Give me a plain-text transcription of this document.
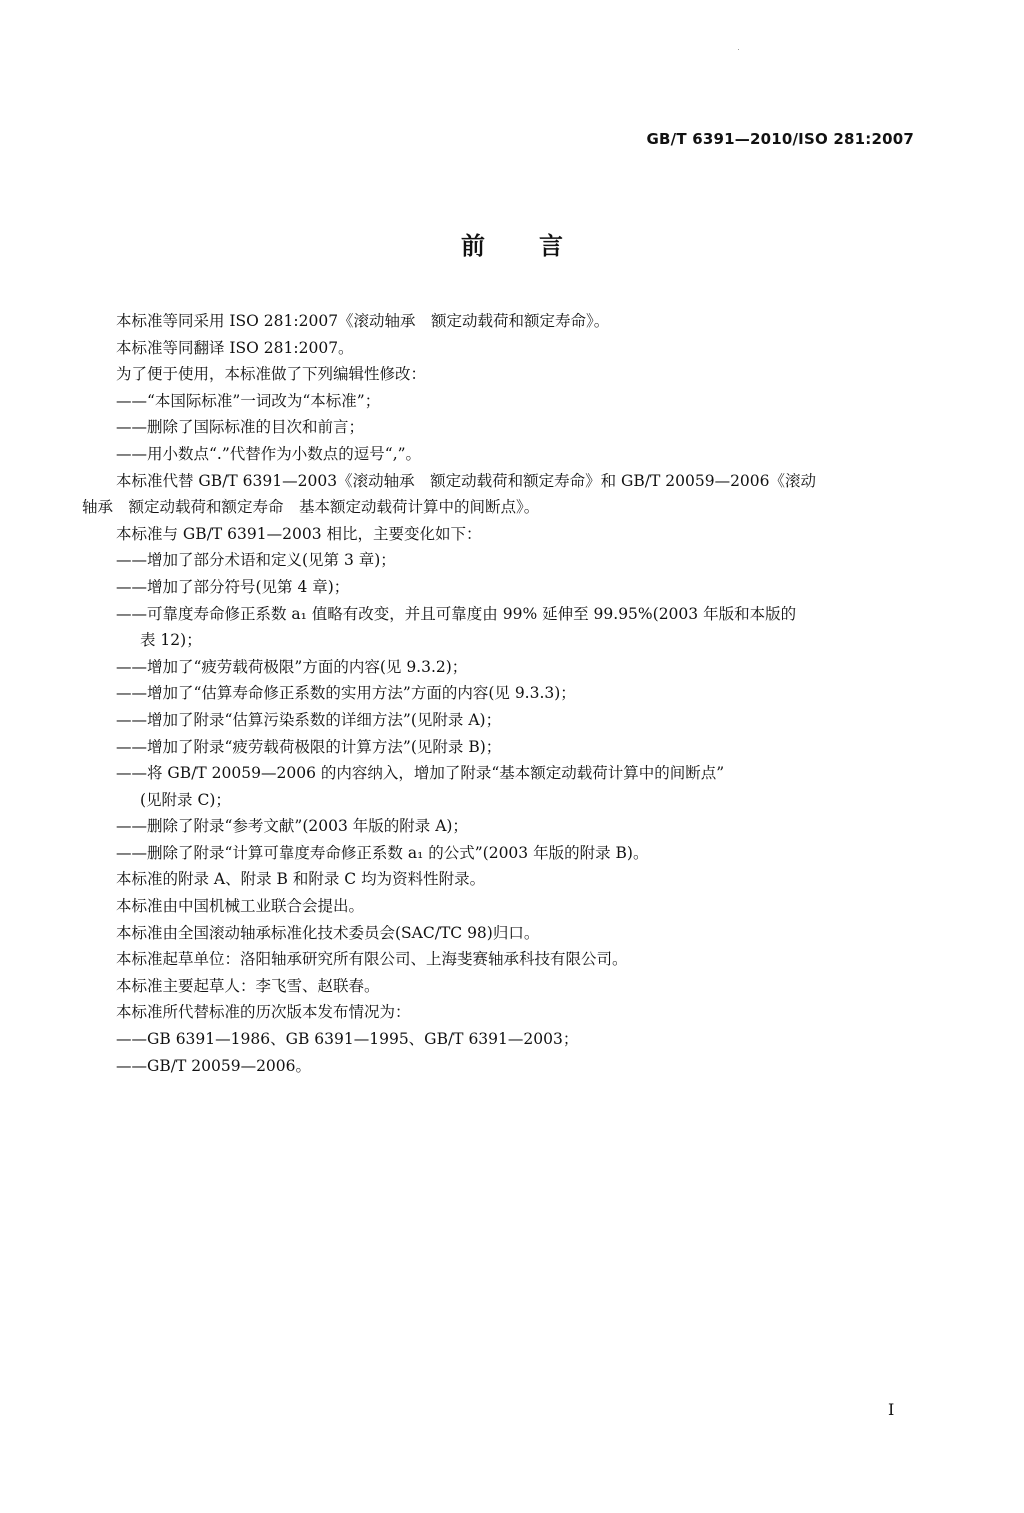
GB/T 6391—2010/ISO 281:2007
前言
本标准等同采用 ISO 281:2007《滚动轴承　额定动载荷和额定寿命》。
本标准等同翻译 ISO 281:2007。
为了便于使用，本标准做了下列编辑性修改：
——“本国际标准”一词改为“本标准”；
——删除了国际标准的目次和前言；
——用小数点“.”代替作为小数点的逗号“,”。
本标准代替 GB/T 6391—2003《滚动轴承　额定动载荷和额定寿命》和 GB/T 20059—2006《滚动
轴承　额定动载荷和额定寿命　基本额定动载荷计算中的间断点》。
本标准与 GB/T 6391—2003 相比，主要变化如下：
——增加了部分术语和定义(见第 3 章)；
——增加了部分符号(见第 4 章)；
——可靠度寿命修正系数 a₁ 值略有改变，并且可靠度由 99% 延伸至 99.95%(2003 年版和本版的
表 12)；
——增加了“疲劳载荷极限”方面的内容(见 9.3.2)；
——增加了“估算寿命修正系数的实用方法”方面的内容(见 9.3.3)；
——增加了附录“估算污染系数的详细方法”(见附录 A)；
——增加了附录“疲劳载荷极限的计算方法”(见附录 B)；
——将 GB/T 20059—2006 的内容纳入，增加了附录“基本额定动载荷计算中的间断点”
(见附录 C)；
——删除了附录“参考文献”(2003 年版的附录 A)；
——删除了附录“计算可靠度寿命修正系数 a₁ 的公式”(2003 年版的附录 B)。
本标准的附录 A、附录 B 和附录 C 均为资料性附录。
本标准由中国机械工业联合会提出。
本标准由全国滚动轴承标准化技术委员会(SAC/TC 98)归口。
本标准起草单位：洛阳轴承研究所有限公司、上海斐赛轴承科技有限公司。
本标准主要起草人：李飞雪、赵联春。
本标准所代替标准的历次版本发布情况为：
——GB 6391—1986、GB 6391—1995、GB/T 6391—2003；
——GB/T 20059—2006。
I
